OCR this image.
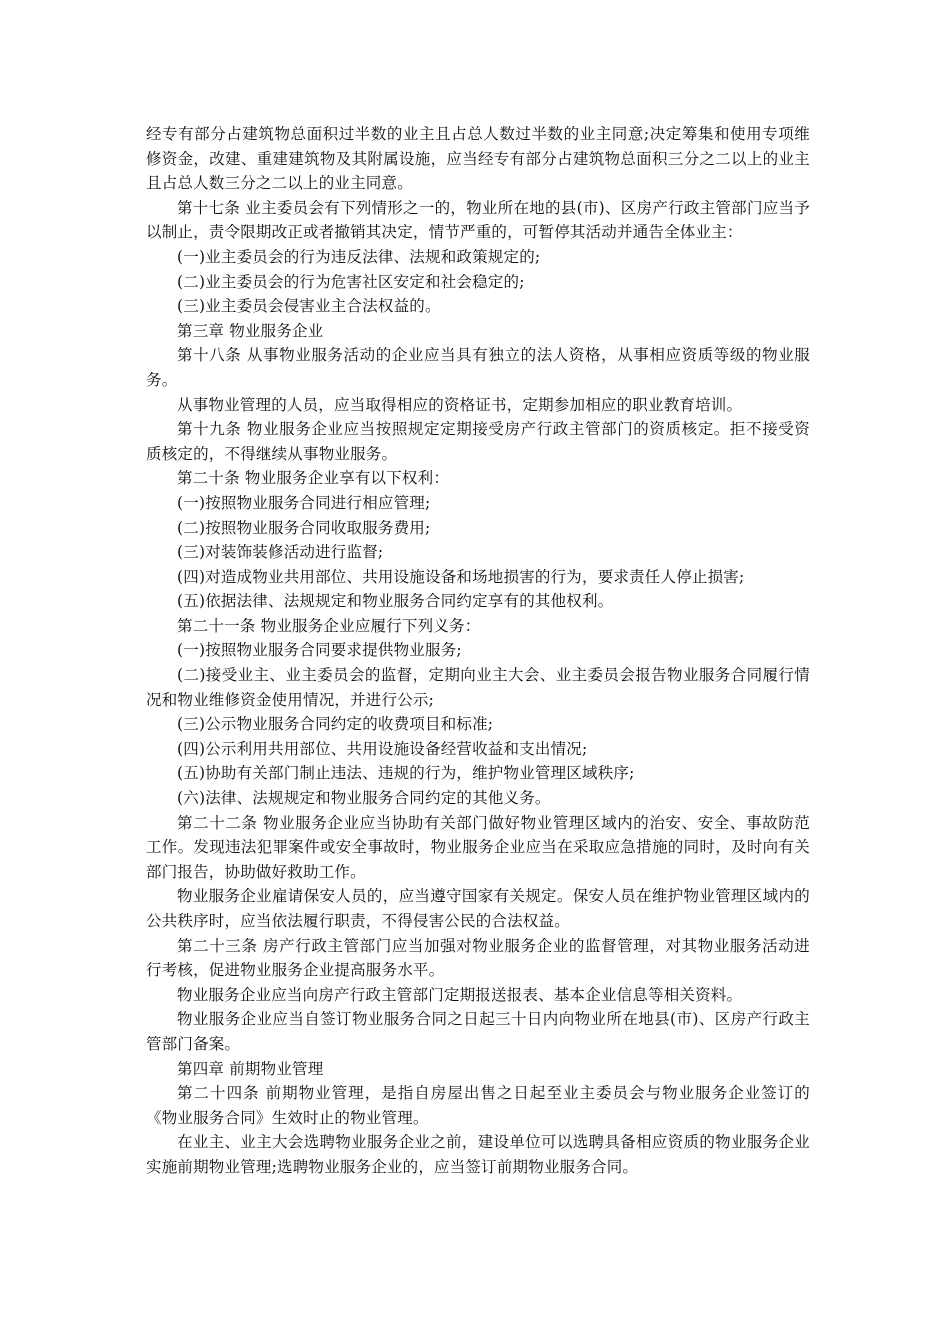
经专有部分占建筑物总面积过半数的业主且占总人数过半数的业主同意;决定筹集和使用专项维修资金，改建、重建建筑物及其附属设施，应当经专有部分占建筑物总面积三分之二以上的业主且占总人数三分之二以上的业主同意。

第十七条 业主委员会有下列情形之一的，物业所在地的县(市)、区房产行政主管部门应当予以制止，责令限期改正或者撤销其决定，情节严重的，可暂停其活动并通告全体业主：

(一)业主委员会的行为违反法律、法规和政策规定的;

(二)业主委员会的行为危害社区安定和社会稳定的;

(三)业主委员会侵害业主合法权益的。

第三章 物业服务企业

第十八条 从事物业服务活动的企业应当具有独立的法人资格，从事相应资质等级的物业服务。

从事物业管理的人员，应当取得相应的资格证书，定期参加相应的职业教育培训。

第十九条 物业服务企业应当按照规定定期接受房产行政主管部门的资质核定。拒不接受资质核定的，不得继续从事物业服务。

第二十条 物业服务企业享有以下权利：

(一)按照物业服务合同进行相应管理;

(二)按照物业服务合同收取服务费用;

(三)对装饰装修活动进行监督;

(四)对造成物业共用部位、共用设施设备和场地损害的行为，要求责任人停止损害;

(五)依据法律、法规规定和物业服务合同约定享有的其他权利。

第二十一条 物业服务企业应履行下列义务：

(一)按照物业服务合同要求提供物业服务;

(二)接受业主、业主委员会的监督，定期向业主大会、业主委员会报告物业服务合同履行情况和物业维修资金使用情况，并进行公示;

(三)公示物业服务合同约定的收费项目和标准;

(四)公示利用共用部位、共用设施设备经营收益和支出情况;

(五)协助有关部门制止违法、违规的行为，维护物业管理区域秩序;

(六)法律、法规规定和物业服务合同约定的其他义务。

第二十二条 物业服务企业应当协助有关部门做好物业管理区域内的治安、安全、事故防范工作。发现违法犯罪案件或安全事故时，物业服务企业应当在采取应急措施的同时，及时向有关部门报告，协助做好救助工作。

物业服务企业雇请保安人员的，应当遵守国家有关规定。保安人员在维护物业管理区域内的公共秩序时，应当依法履行职责，不得侵害公民的合法权益。

第二十三条 房产行政主管部门应当加强对物业服务企业的监督管理，对其物业服务活动进行考核，促进物业服务企业提高服务水平。

物业服务企业应当向房产行政主管部门定期报送报表、基本企业信息等相关资料。

物业服务企业应当自签订物业服务合同之日起三十日内向物业所在地县(市)、区房产行政主管部门备案。

第四章 前期物业管理

第二十四条 前期物业管理，是指自房屋出售之日起至业主委员会与物业服务企业签订的《物业服务合同》生效时止的物业管理。

在业主、业主大会选聘物业服务企业之前，建设单位可以选聘具备相应资质的物业服务企业实施前期物业管理;选聘物业服务企业的，应当签订前期物业服务合同。
